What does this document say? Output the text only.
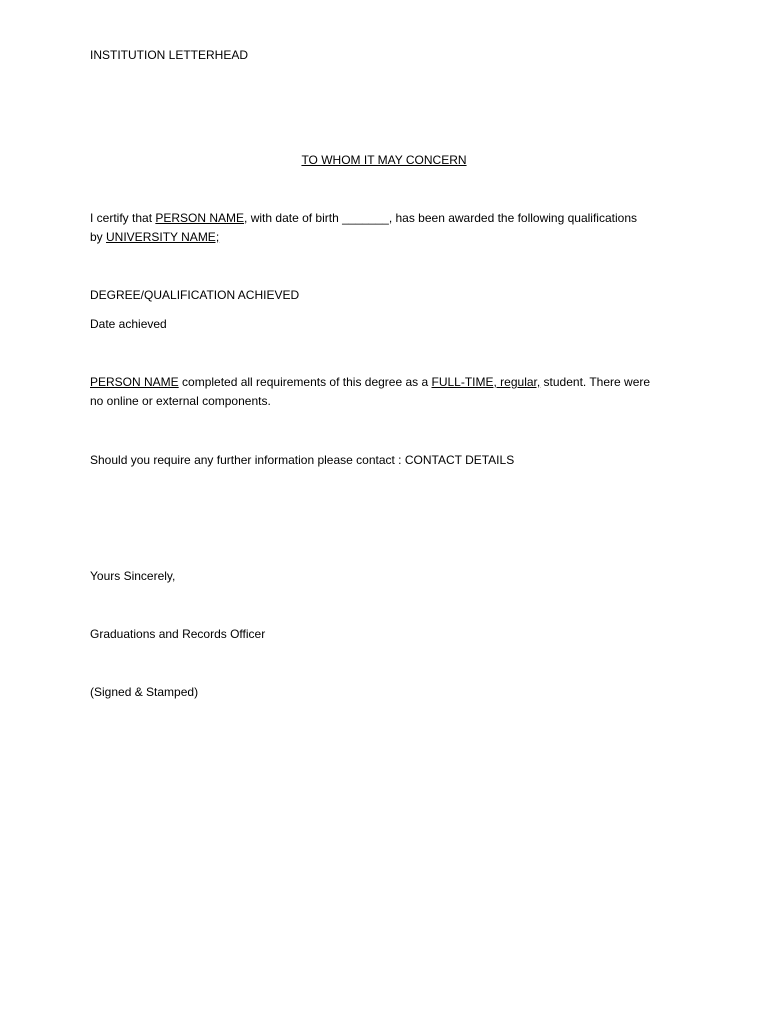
INSTITUTION LETTERHEAD
TO WHOM IT MAY CONCERN
I certify that PERSON NAME, with date of birth _______, has been awarded the following qualifications
by UNIVERSITY NAME;
DEGREE/QUALIFICATION ACHIEVED
Date achieved
PERSON NAME completed all requirements of this degree as a FULL-TIME, regular, student. There were
no online or external components.
Should you require any further information please contact : CONTACT DETAILS
Yours Sincerely,
Graduations and Records Officer
(Signed & Stamped)
